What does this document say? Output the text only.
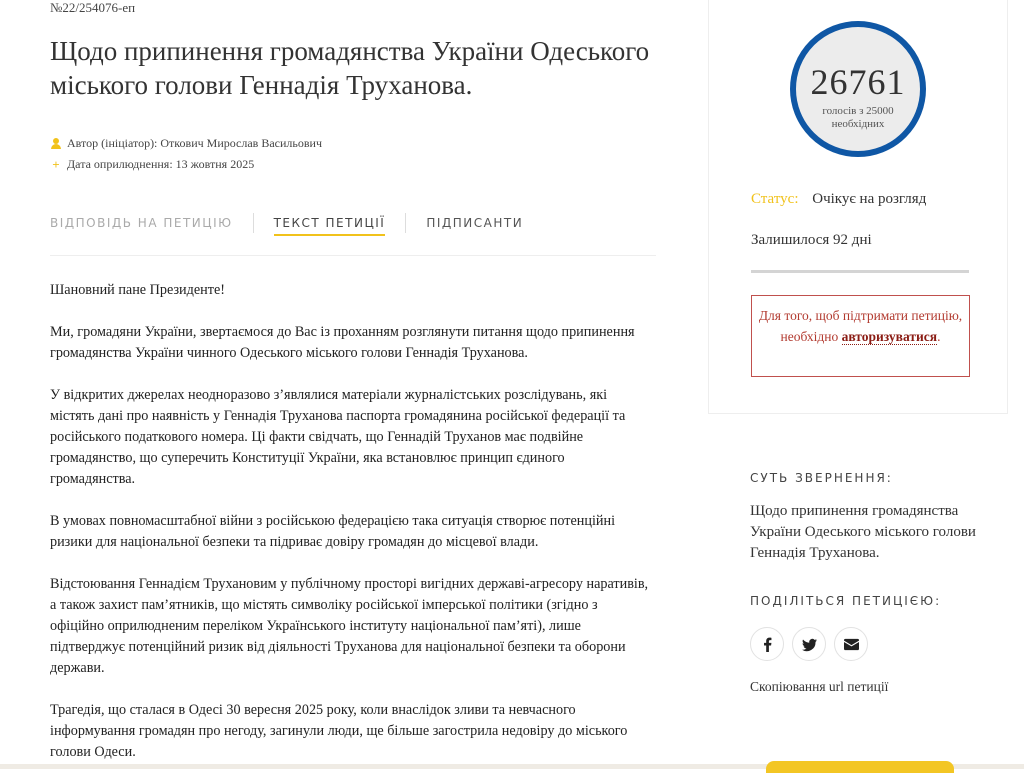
№22/254076-еп
Щодо припинення громадянства України Одеського міського голови Геннадія Труханова.
Автор (ініціатор): Откович Мирослав Васильович
+ Дата оприлюднення: 13 жовтня 2025
ВІДПОВІДЬ НА ПЕТИЦІЮ	ТЕКСТ ПЕТИЦІЇ	ПІДПИСАНТИ

Шановний пане Президенте!

Ми, громадяни України, звертаємося до Вас із проханням розглянути питання щодо припинення громадянства України чинного Одеського міського голови Геннадія Труханова.

У відкритих джерелах неодноразово з’являлися матеріали журналістських розслідувань, які містять дані про наявність у Геннадія Труханова паспорта громадянина російської федерації та російського податкового номера. Ці факти свідчать, що Геннадій Труханов має подвійне громадянство, що суперечить Конституції України, яка встановлює принцип єдиного громадянства.

В умовах повномасштабної війни з російською федерацією така ситуація створює потенційні ризики для національної безпеки та підриває довіру громадян до місцевої влади.

Відстоювання Геннадієм Трухановим у публічному просторі вигідних державі-агресору наративів, а також захист пам’ятників, що містять символіку російської імперської політики (згідно з офіційно оприлюдненим переліком Українського інституту національної пам’яті), лише підтверджує потенційний ризик від діяльності Труханова для національної безпеки та оборони держави.

Трагедія, що сталася в Одесі 30 вересня 2025 року, коли внаслідок зливи та невчасного інформування громадян про негоду, загинули люди, ще більше загострила недовіру до міського голови Одеси.

26761
голосів з 25000 необхідних
Статус: Очікує на розгляд
Залишилося 92 дні
Для того, щоб підтримати петицію, необхідно авторизуватися.
СУТЬ ЗВЕРНЕННЯ:
Щодо припинення громадянства України Одеського міського голови Геннадія Труханова.
ПОДІЛІТЬСЯ ПЕТИЦІЄЮ:
Скопіювання url петиції
